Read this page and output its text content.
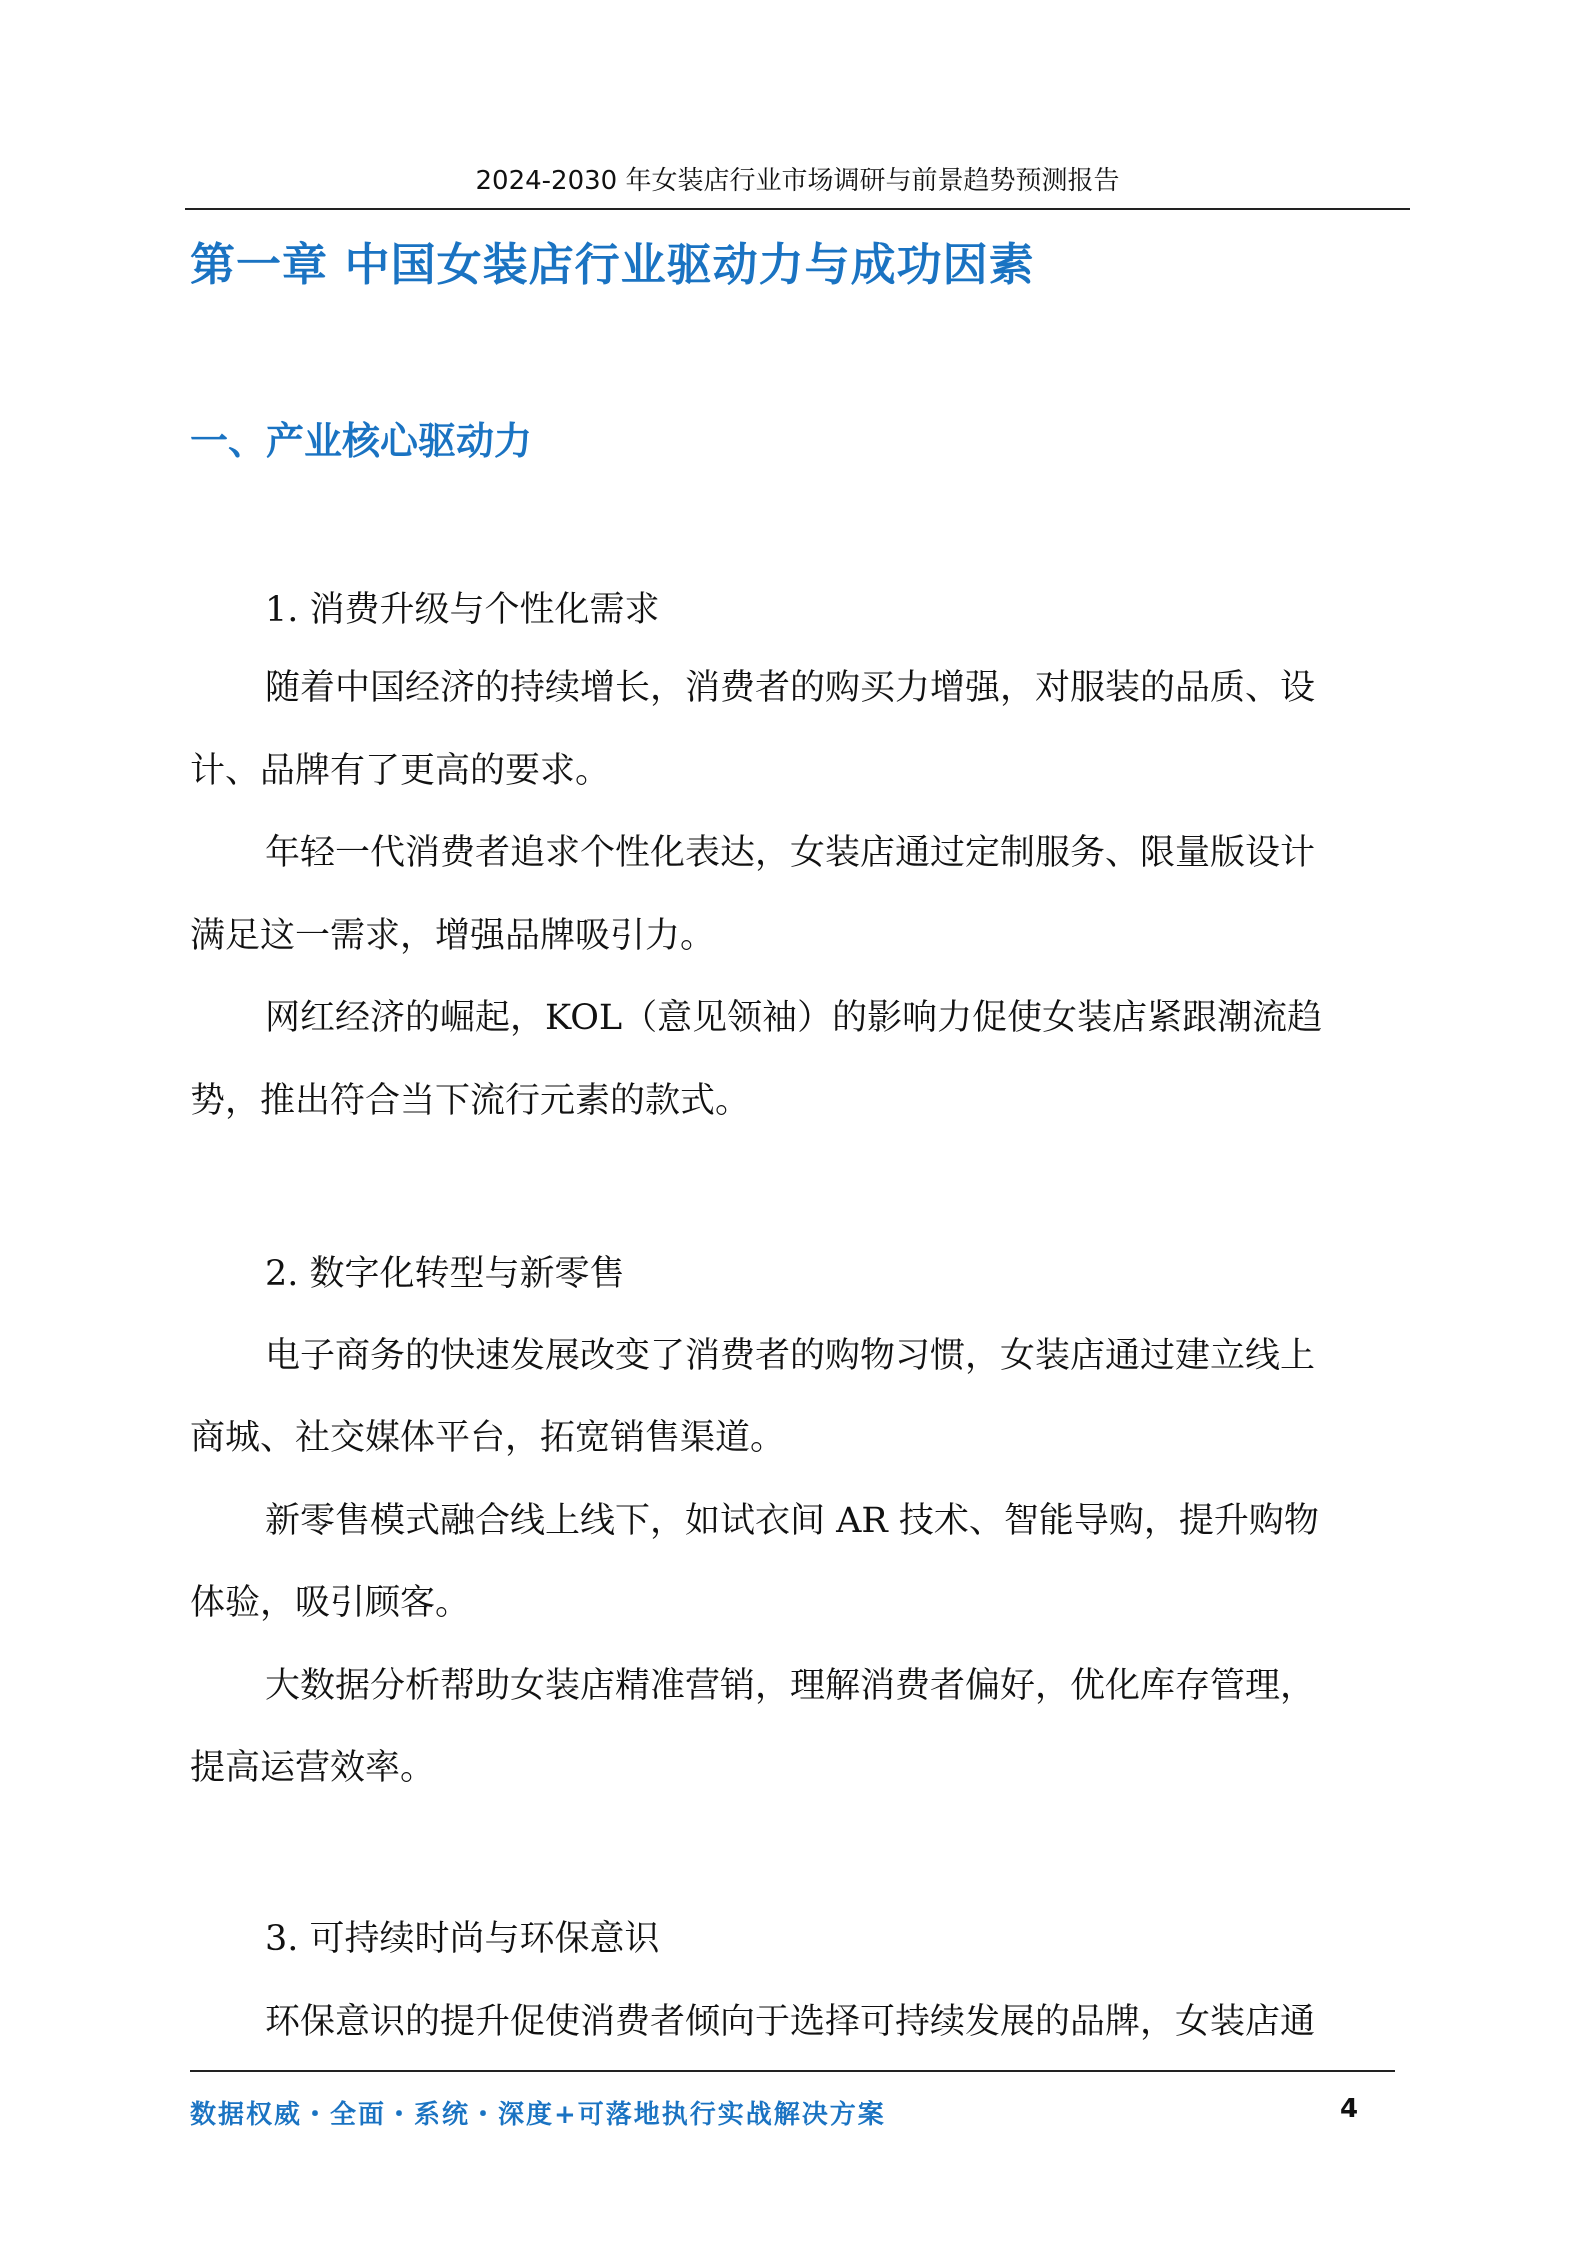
2024-2030 年女装店行业市场调研与前景趋势预测报告
第一章 中国女装店行业驱动力与成功因素
一、产业核心驱动力
1. 消费升级与个性化需求
随着中国经济的持续增长，消费者的购买力增强，对服装的品质、设
计、品牌有了更高的要求。
年轻一代消费者追求个性化表达，女装店通过定制服务、限量版设计
满足这一需求，增强品牌吸引力。
网红经济的崛起，KOL（意见领袖）的影响力促使女装店紧跟潮流趋
势，推出符合当下流行元素的款式。
2. 数字化转型与新零售
电子商务的快速发展改变了消费者的购物习惯，女装店通过建立线上
商城、社交媒体平台，拓宽销售渠道。
新零售模式融合线上线下，如试衣间 AR 技术、智能导购，提升购物
体验，吸引顾客。
大数据分析帮助女装店精准营销，理解消费者偏好，优化库存管理，
提高运营效率。
3. 可持续时尚与环保意识
环保意识的提升促使消费者倾向于选择可持续发展的品牌，女装店通
数据权威・全面・系统・深度+可落地执行实战解决方案	4
